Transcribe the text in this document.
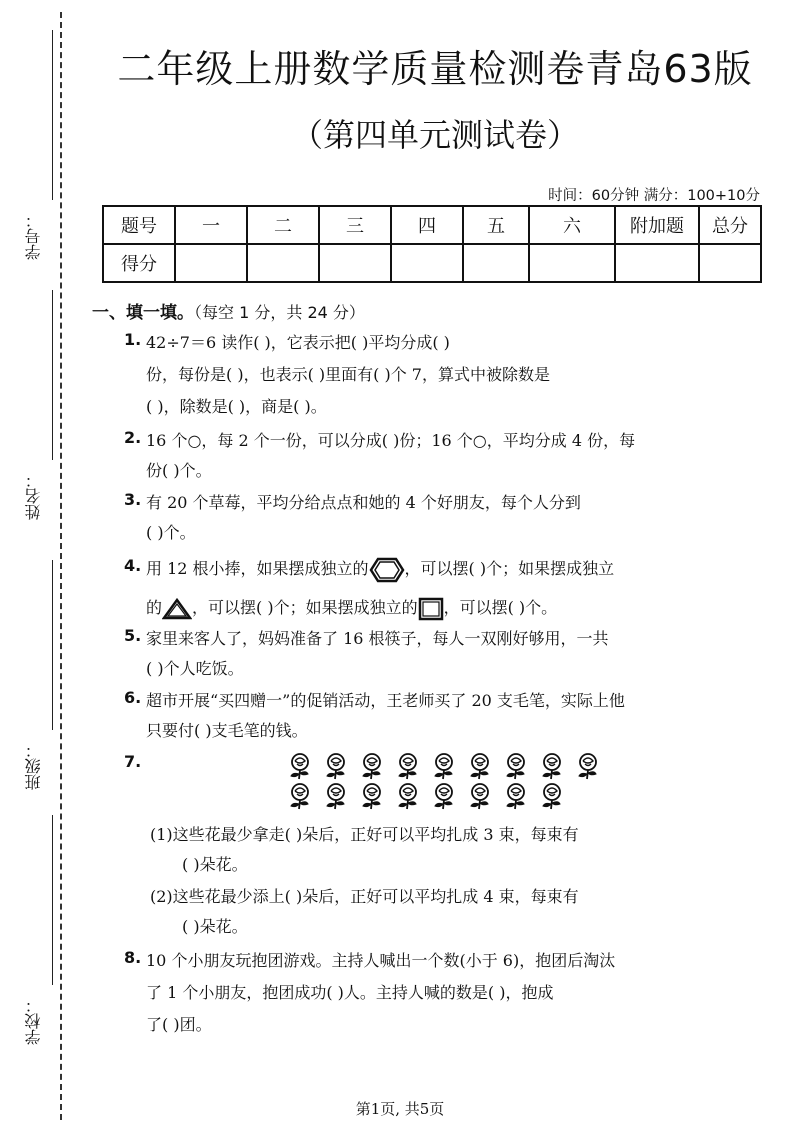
学号：
姓名：
班级：
学校：
二年级上册数学质量检测卷青岛63版
（第四单元测试卷）
时间：60分钟 满分：100+10分
题号	一	二	三	四	五	六	附加题	总分
得分								
一、填一填。（每空 1 分，共 24 分）
1. 42÷7＝6 读作( )，它表示把( )平均分成( )
份，每份是( )，也表示( )里面有( )个 7，算式中被除数是
( )，除数是( )，商是( )。
2. 16 个○，每 2 个一份，可以分成( )份；16 个○，平均分成 4 份，每
份( )个。
3. 有 20 个草莓，平均分给点点和她的 4 个好朋友，每个人分到
( )个。
4. 用 12 根小捧，如果摆成独立的 ，可以摆( )个；如果摆成独立
的 ，可以摆( )个；如果摆成独立的 ，可以摆( )个。
5. 家里来客人了，妈妈准备了 16 根筷子，每人一双刚好够用，一共
( )个人吃饭。
6. 超市开展“买四赠一”的促销活动，王老师买了 20 支毛笔，实际上他
只要付( )支毛笔的钱。
7.
(1)这些花最少拿走( )朵后，正好可以平均扎成 3 束，每束有
( )朵花。
(2)这些花最少添上( )朵后，正好可以平均扎成 4 束，每束有
( )朵花。
8. 10 个小朋友玩抱团游戏。主持人喊出一个数(小于 6)，抱团后淘汰
了 1 个小朋友，抱团成功( )人。主持人喊的数是( )，抱成
了( )团。
第1页, 共5页
